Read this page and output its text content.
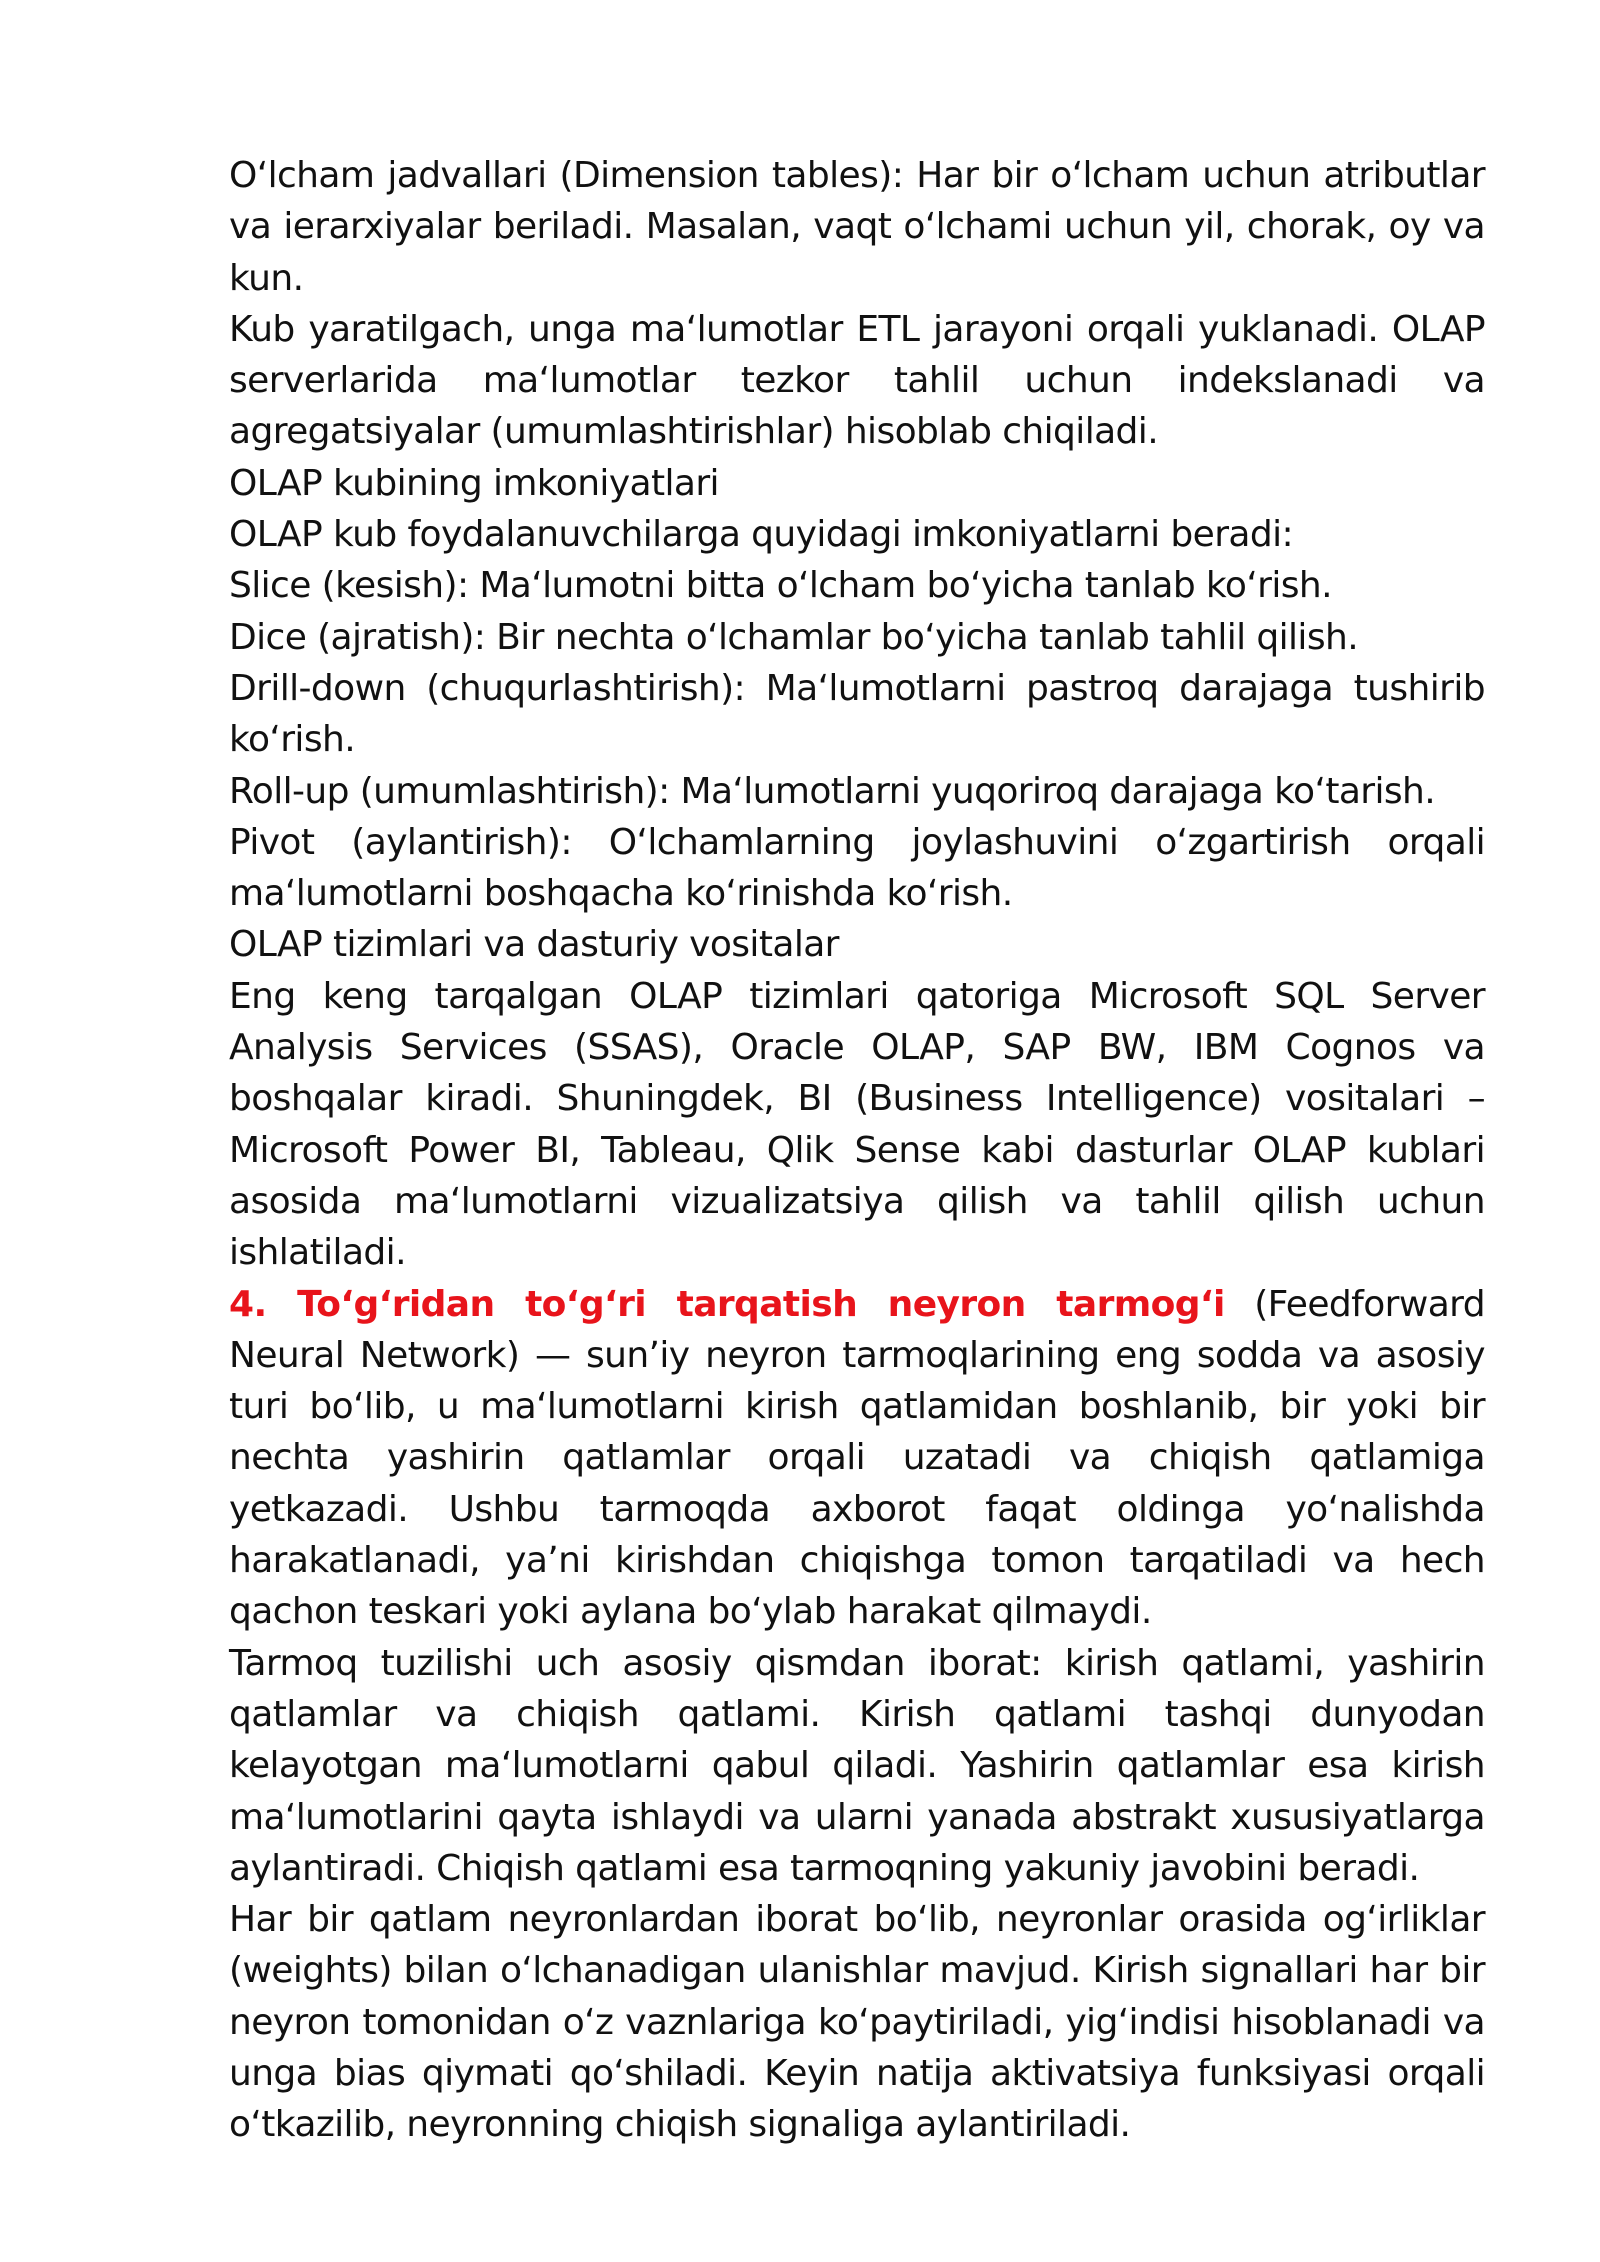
Oʻlcham jadvallari (Dimension tables): Har bir oʻlcham uchun atributlar va ierarxiyalar beriladi. Masalan, vaqt oʻlchami uchun yil, chorak, oy va kun.

Kub yaratilgach, unga maʻlumotlar ETL jarayoni orqali yuklanadi. OLAP serverlarida maʻlumotlar tezkor tahlil uchun indekslanadi va agregatsiyalar (umumlashtirishlar) hisoblab chiqiladi.

OLAP kubining imkoniyatlari

OLAP kub foydalanuvchilarga quyidagi imkoniyatlarni beradi:

Slice (kesish): Maʻlumotni bitta oʻlcham boʻyicha tanlab koʻrish.

Dice (ajratish): Bir nechta oʻlchamlar boʻyicha tanlab tahlil qilish.

Drill-down (chuqurlashtirish): Maʻlumotlarni pastroq darajaga tushirib koʻrish.

Roll-up (umumlashtirish): Maʻlumotlarni yuqoriroq darajaga koʻtarish.

Pivot (aylantirish): Oʻlchamlarning joylashuvini oʻzgartirish orqali maʻlumotlarni boshqacha koʻrinishda koʻrish.

OLAP tizimlari va dasturiy vositalar

Eng keng tarqalgan OLAP tizimlari qatoriga Microsoft SQL Server Analysis Services (SSAS), Oracle OLAP, SAP BW, IBM Cognos va boshqalar kiradi. Shuningdek, BI (Business Intelligence) vositalari – Microsoft Power BI, Tableau, Qlik Sense kabi dasturlar OLAP kublari asosida maʻlumotlarni vizualizatsiya qilish va tahlil qilish uchun ishlatiladi.

4. To‘g‘ridan to‘g‘ri tarqatish neyron tarmog‘i (Feedforward Neural Network) — sun’iy neyron tarmoqlarining eng sodda va asosiy turi boʻlib, u maʻlumotlarni kirish qatlamidan boshlanib, bir yoki bir nechta yashirin qatlamlar orqali uzatadi va chiqish qatlamiga yetkazadi. Ushbu tarmoqda axborot faqat oldinga yoʻnalishda harakatlanadi, yaʼni kirishdan chiqishga tomon tarqatiladi va hech qachon teskari yoki aylana boʻylab harakat qilmaydi.

Tarmoq tuzilishi uch asosiy qismdan iborat: kirish qatlami, yashirin qatlamlar va chiqish qatlami. Kirish qatlami tashqi dunyodan kelayotgan maʻlumotlarni qabul qiladi. Yashirin qatlamlar esa kirish maʻlumotlarini qayta ishlaydi va ularni yanada abstrakt xususiyatlarga aylantiradi. Chiqish qatlami esa tarmoqning yakuniy javobini beradi.

Har bir qatlam neyronlardan iborat boʻlib, neyronlar orasida ogʻirliklar (weights) bilan oʻlchanadigan ulanishlar mavjud. Kirish signallari har bir neyron tomonidan oʻz vaznlariga koʻpaytiriladi, yigʻindisi hisoblanadi va unga bias qiymati qoʻshiladi. Keyin natija aktivatsiya funksiyasi orqali oʻtkazilib, neyronning chiqish signaliga aylantiriladi.
